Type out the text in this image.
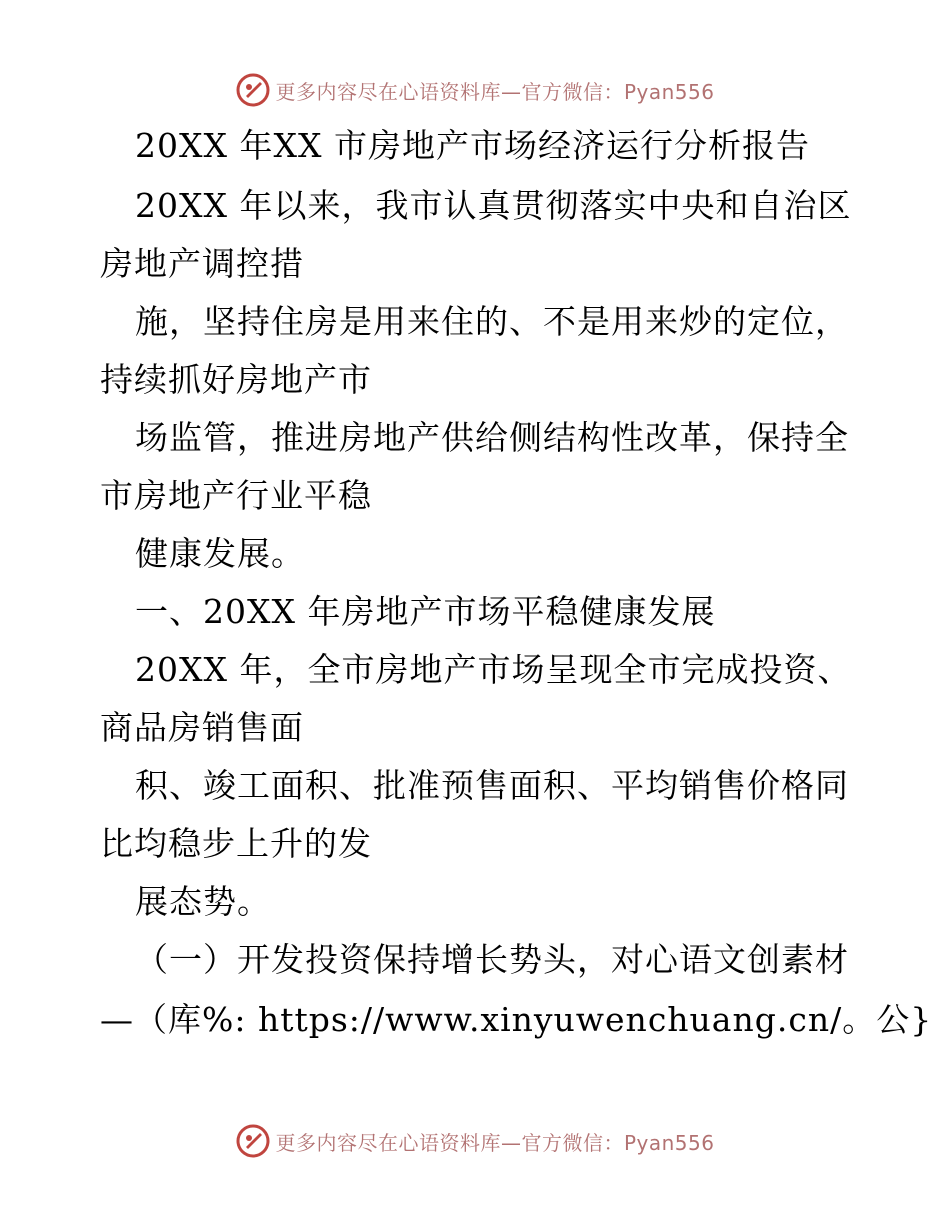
更多内容尽在心语资料库—官方微信：Pyan556
20XX 年XX 市房地产市场经济运行分析报告
20XX 年以来，我市认真贯彻落实中央和自治区
房地产调控措
施，坚持住房是用来住的、不是用来炒的定位，
持续抓好房地产市
场监管，推进房地产供给侧结构性改革，保持全
市房地产行业平稳
健康发展。
一、20XX 年房地产市场平稳健康发展
20XX 年，全市房地产市场呈现全市完成投资、
商品房销售面
积、竣工面积、批准预售面积、平均销售价格同
比均稳步上升的发
展态势。
（一）开发投资保持增长势头，对心语文创素材
—（库%: https://www.xinyuwenchuang.cn/。公}
更多内容尽在心语资料库—官方微信：Pyan556
